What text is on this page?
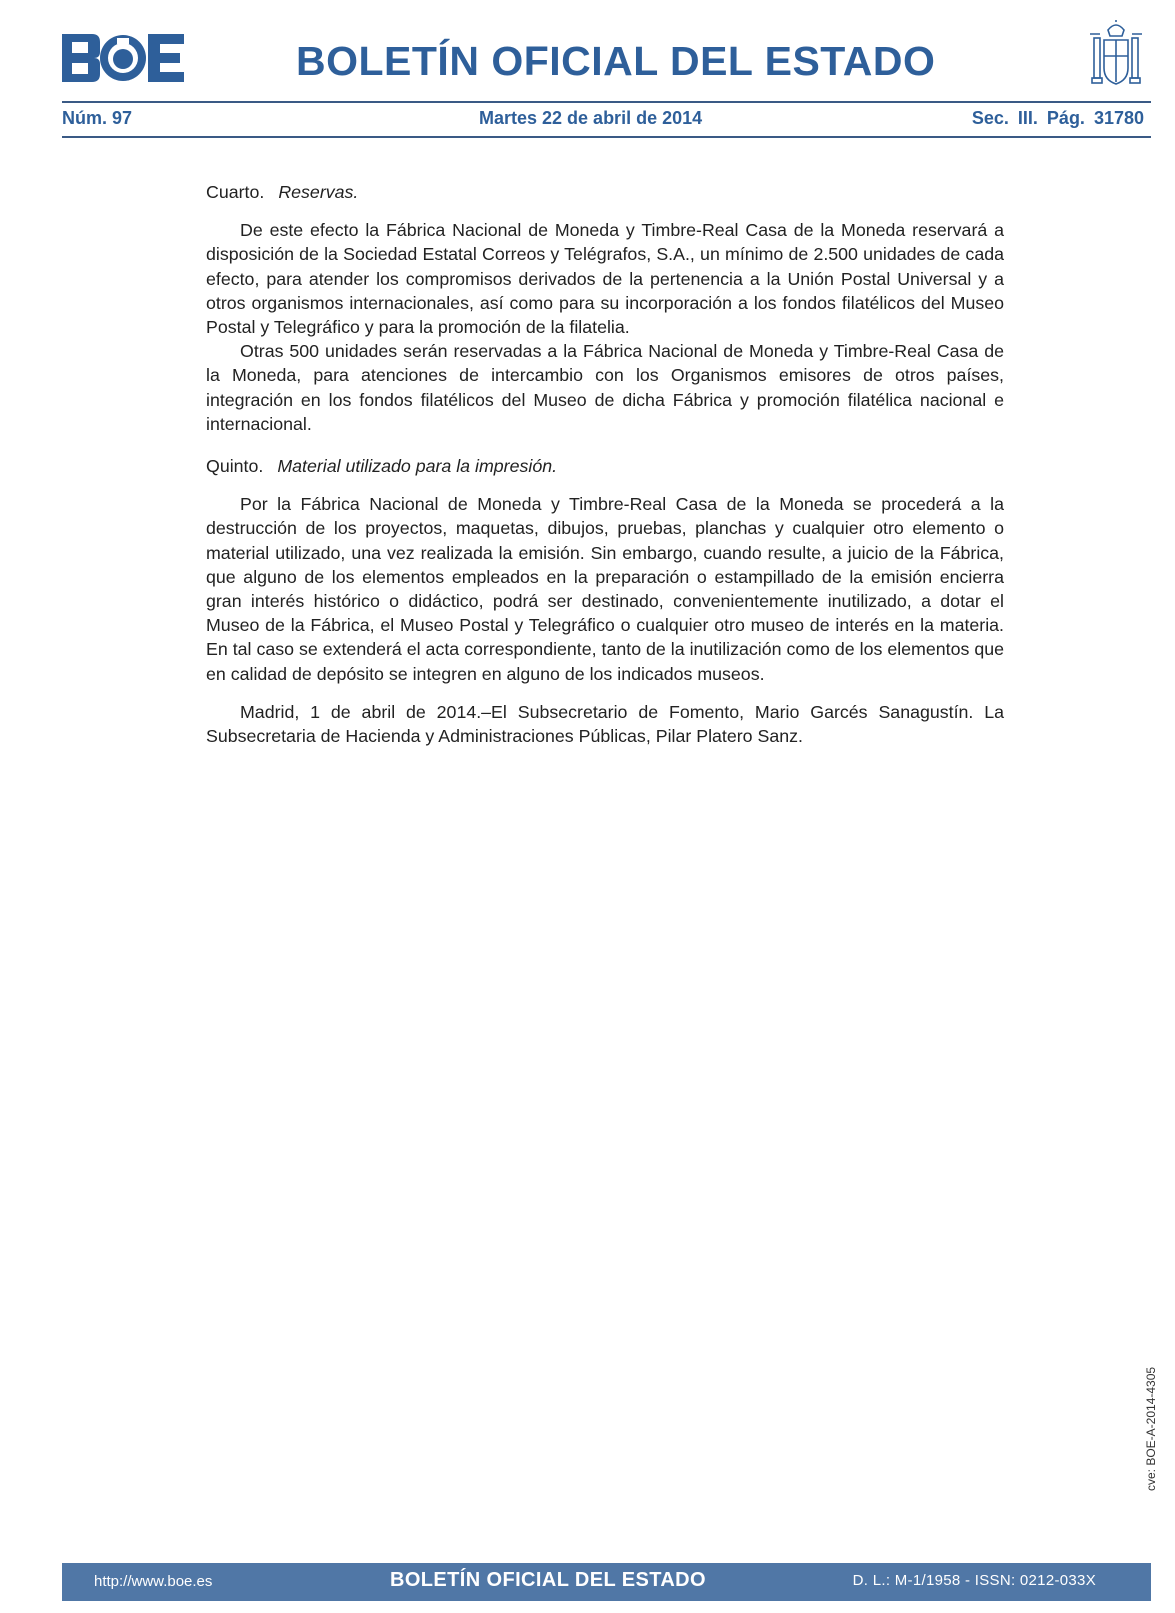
BOLETÍN OFICIAL DEL ESTADO
Núm. 97	Martes 22 de abril de 2014	Sec. III. Pág. 31780

Cuarto. Reservas.

De este efecto la Fábrica Nacional de Moneda y Timbre-Real Casa de la Moneda reservará a disposición de la Sociedad Estatal Correos y Telégrafos, S.A., un mínimo de 2.500 unidades de cada efecto, para atender los compromisos derivados de la pertenencia a la Unión Postal Universal y a otros organismos internacionales, así como para su incorporación a los fondos filatélicos del Museo Postal y Telegráfico y para la promoción de la filatelia.

Otras 500 unidades serán reservadas a la Fábrica Nacional de Moneda y Timbre-Real Casa de la Moneda, para atenciones de intercambio con los Organismos emisores de otros países, integración en los fondos filatélicos del Museo de dicha Fábrica y promoción filatélica nacional e internacional.

Quinto. Material utilizado para la impresión.

Por la Fábrica Nacional de Moneda y Timbre-Real Casa de la Moneda se procederá a la destrucción de los proyectos, maquetas, dibujos, pruebas, planchas y cualquier otro elemento o material utilizado, una vez realizada la emisión. Sin embargo, cuando resulte, a juicio de la Fábrica, que alguno de los elementos empleados en la preparación o estampillado de la emisión encierra gran interés histórico o didáctico, podrá ser destinado, convenientemente inutilizado, a dotar el Museo de la Fábrica, el Museo Postal y Telegráfico o cualquier otro museo de interés en la materia. En tal caso se extenderá el acta correspondiente, tanto de la inutilización como de los elementos que en calidad de depósito se integren en alguno de los indicados museos.

Madrid, 1 de abril de 2014.–El Subsecretario de Fomento, Mario Garcés Sanagustín. La Subsecretaria de Hacienda y Administraciones Públicas, Pilar Platero Sanz.

cve: BOE-A-2014-4305
http://www.boe.es	BOLETÍN OFICIAL DEL ESTADO	D. L.: M-1/1958 - ISSN: 0212-033X
